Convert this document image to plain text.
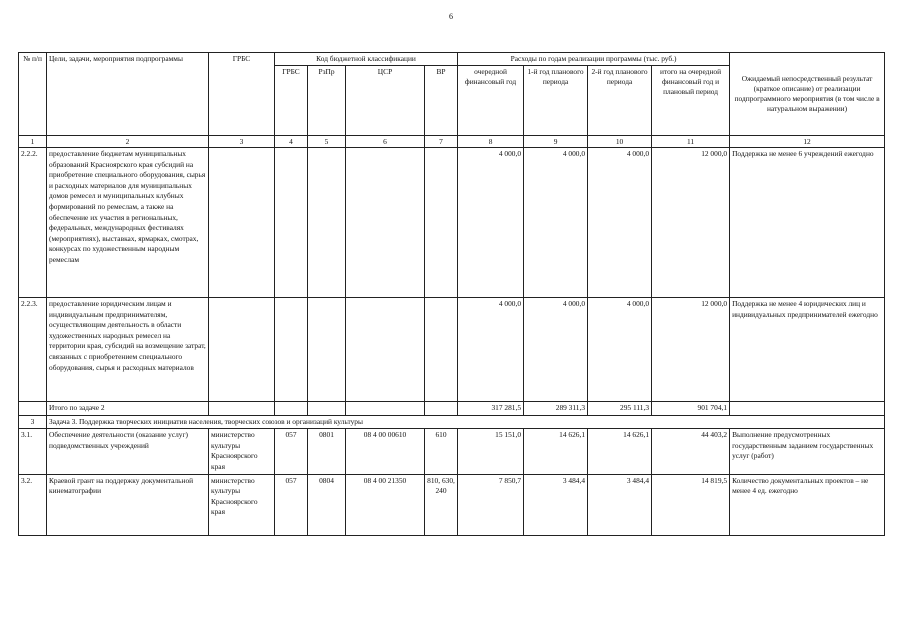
6
№ п/п	Цели, задачи, мероприятия подпрограммы	ГРБС	Код бюджетной классификации				Расходы по годам реализации программы (тыс. руб.)				Ожидаемый непосредственный результат (краткое описание) от реализации подпрограммного мероприятия (в том числе в натуральном выражении)
			ГРБС	РзПр	ЦСР	ВР	очередной финансовый год	1-й год планового периода	2-й год планового периода	итого на очередной финансовый год и плановый период	
1	2	3	4	5	6	7	8	9	10	11	12
2.2.2.	предоставление бюджетам муниципальных образований Красноярского края субсидий на приобретение специального оборудования, сырья и расходных материалов для муниципальных домов ремесел и муниципальных клубных формирований по ремеслам, а также на обеспечение их участия в региональных, федеральных, международных фестивалях (мероприятиях), выставках, ярмарках, смотрах, конкурсах по художественным народным ремеслам						4 000,0	4 000,0	4 000,0	12 000,0	Поддержка не менее 6 учреждений ежегодно
2.2.3.	предоставление юридическим лицам и индивидуальным предпринимателям, осуществляющим деятельность в области художественных народных ремесел на территории края, субсидий на возмещение затрат, связанных с приобретением специального оборудования, сырья и расходных материалов						4 000,0	4 000,0	4 000,0	12 000,0	Поддержка не менее 4 юридических лиц и индивидуальных предпринимателей ежегодно
	Итого по задаче 2						317 281,5	289 311,3	295 111,3	901 704,1	
3	Задача 3. Поддержка творческих инициатив населения, творческих союзов и организаций культуры										
3.1.	Обеспечение деятельности (оказание услуг) подведомственных учреждений	министерство культуры Красноярского края	057	0801	08 4 00 00610	610	15 151,0	14 626,1	14 626,1	44 403,2	Выполнение предусмотренных государственным заданием государственных услуг (работ)
3.2.	Краевой грант на поддержку документальной кинематографии	министерство культуры Красноярского края	057	0804	08 4 00 21350	810, 630, 240	7 850,7	3 484,4	3 484,4	14 819,5	Количество документальных проектов – не менее 4 ед. ежегодно
